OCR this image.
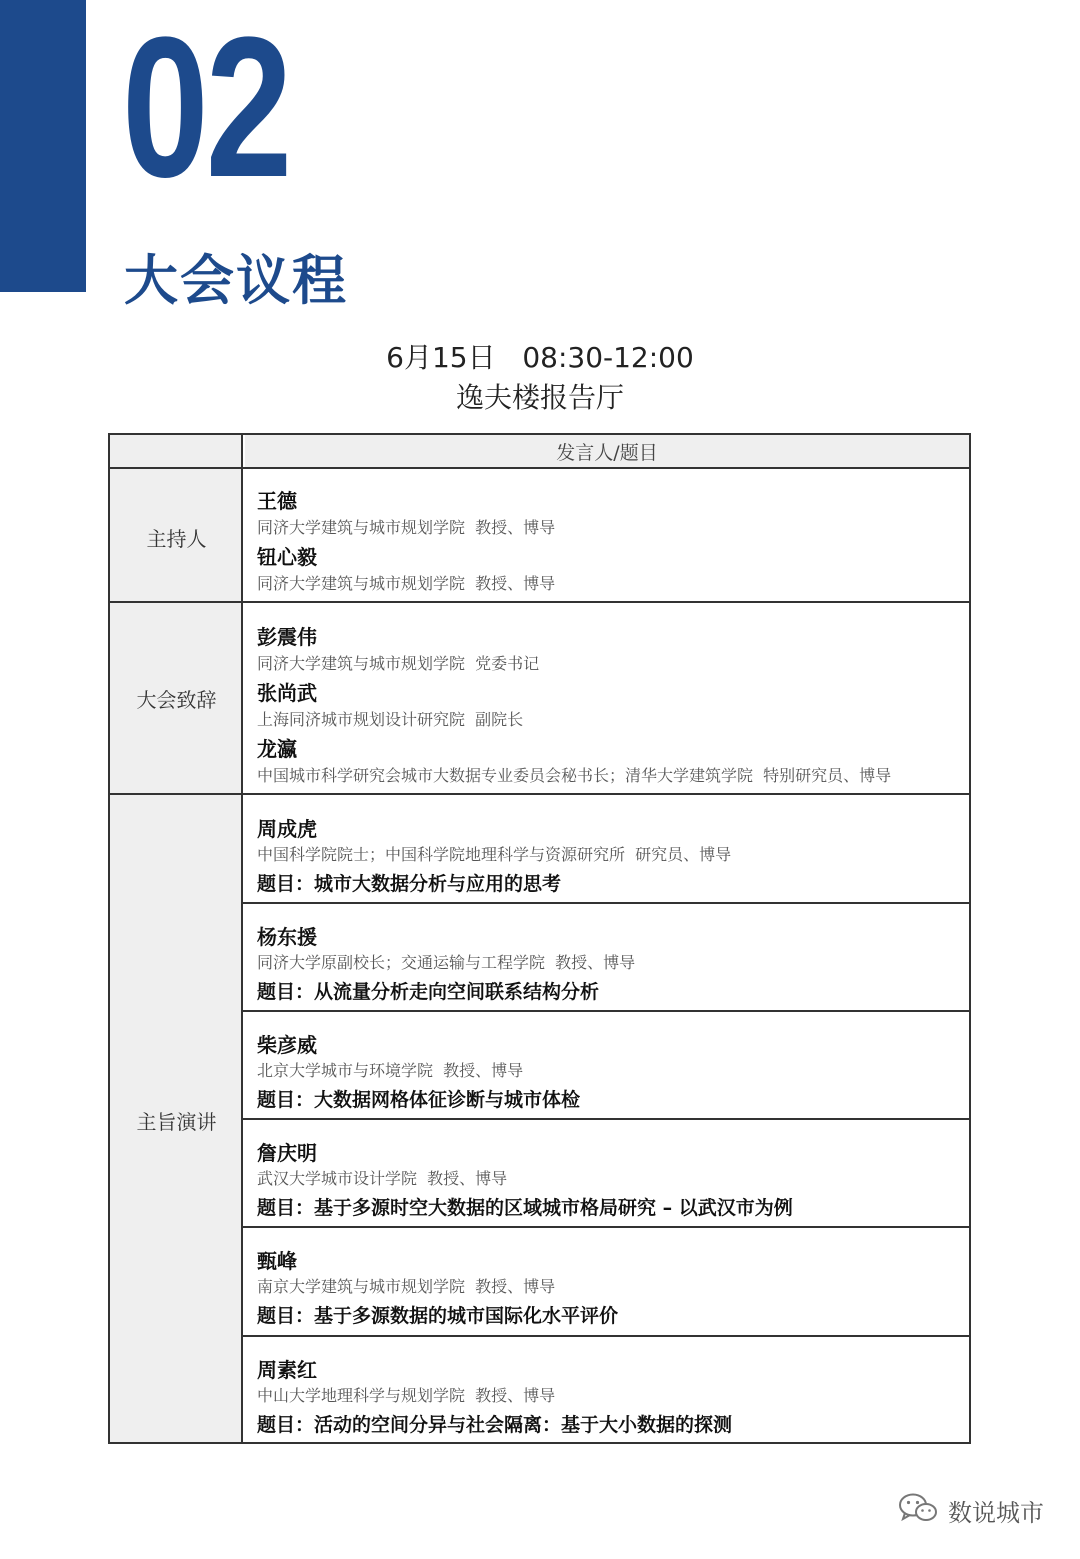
02
大会议程
6月15日   08:30-12:00
逸夫楼报告厅
发言人/题目
主持人
王德
同济大学建筑与城市规划学院  教授、博导
钮心毅
同济大学建筑与城市规划学院  教授、博导
大会致辞
彭震伟
同济大学建筑与城市规划学院  党委书记
张尚武
上海同济城市规划设计研究院  副院长
龙瀛
中国城市科学研究会城市大数据专业委员会秘书长；清华大学建筑学院  特别研究员、博导
主旨演讲
周成虎
中国科学院院士；中国科学院地理科学与资源研究所  研究员、博导
题目：城市大数据分析与应用的思考
杨东援
同济大学原副校长；交通运输与工程学院  教授、博导
题目：从流量分析走向空间联系结构分析
柴彦威
北京大学城市与环境学院  教授、博导
题目：大数据网格体征诊断与城市体检
詹庆明
武汉大学城市设计学院  教授、博导
题目：基于多源时空大数据的区域城市格局研究 – 以武汉市为例
甄峰
南京大学建筑与城市规划学院  教授、博导
题目：基于多源数据的城市国际化水平评价
周素红
中山大学地理科学与规划学院  教授、博导
题目：活动的空间分异与社会隔离：基于大小数据的探测
数说城市
